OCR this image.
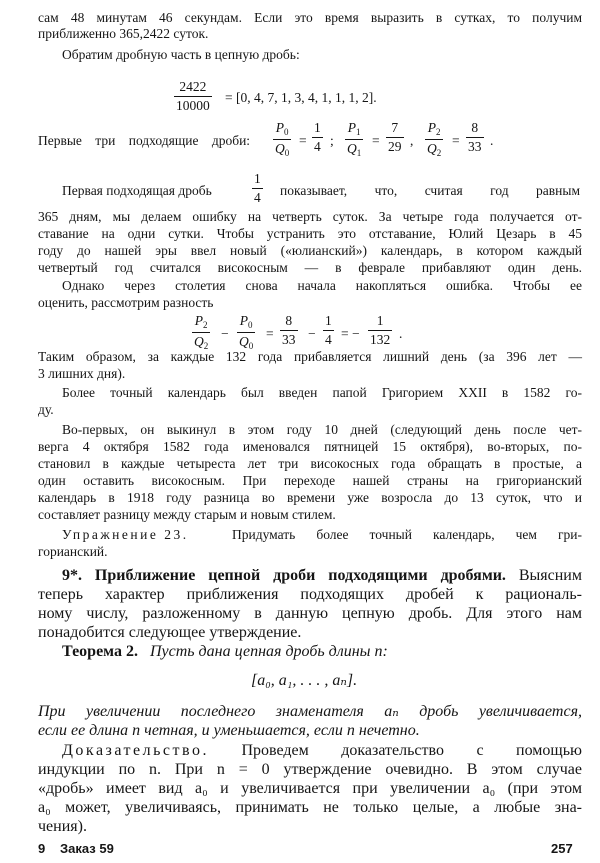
сам 48 минутам 46 секундам. Если это время выразить в сутках, то получим
приближенно 365,2422 суток.
Обратим дробную часть в цепную дробь:
$\frac{2422}{10000} = [0$, 4, 7, 1, 3, 4, 1, 1, 1, 2].
Первые три подходящие дроби: $\frac{P_0}{Q_0} = \frac{1}{4}$ ; $\frac{P_1}{Q_1} = \frac{7}{29}$ , $\frac{P_2}{Q_2} = \frac{8}{33}$ .
Первая подходящая дробь	$\frac{1}{4}$ показывает, что, считая год равным
365 дням, мы делаем ошибку на четверть суток. За четыре года получается от-
ставание на одни сутки. Чтобы устранить это отставание, Юлий Цезарь в 45
году до нашей эры ввел новый («юлианский») календарь, в котором каждый
четвертый год считался високосным — в феврале прибавляют один день.
Однако через столетия снова начала накопляться ошибка. Чтобы ее
оценить, рассмотрим разность
$\frac{P_2}{Q_2} - \frac{P_0}{Q_0} = \frac{8}{33} - \frac{1}{4}$ = − $\frac{1}{132}$ .
Таким образом, за каждые 132 года прибавляется лишний день (за 396 лет —
3 лишних дня).
Более точный календарь был введен папой Григорием XXII в 1582 го-
ду.
Во-первых, он выкинул в этом году 10 дней (следующий день после чет-
верга 4 октября 1582 года именовался пятницей 15 октября), во-вторых, по-
становил в каждые четыреста лет три високосных года обращать в простые, а
один оставить високосным. При переходе нашей страны на григорианский
календарь в 1918 году разница во времени уже возросла до 13 суток, что и
составляет разницу между старым и новым стилем.
Упражнение 23.	Придумать более точный календарь, чем гри-
горианский.
9*. Приближение цепной дроби подходящими дробями. Выясним
теперь характер приближения подходящих дробей к рациональ-
ному числу, разложенному в данную цепную дробь. Для этого нам
понадобится следующее утверждение.
Теорема 2. Пусть дана цепная дробь длины n:
[a₀, a₁, . . . , aₙ].
При увеличении последнего знаменателя aₙ дробь увеличивается,
если ее длина n четная, и уменьшается, если n нечетно.
Доказательство. Проведем доказательство с помощью
индукции по n. При n = 0 утверждение очевидно. В этом случае
«дробь» имеет вид a₀ и увеличивается при увеличении a₀ (при этом
a₀ может, увеличиваясь, принимать не только целые, а любые зна-
чения).
9 Заказ 59	257
